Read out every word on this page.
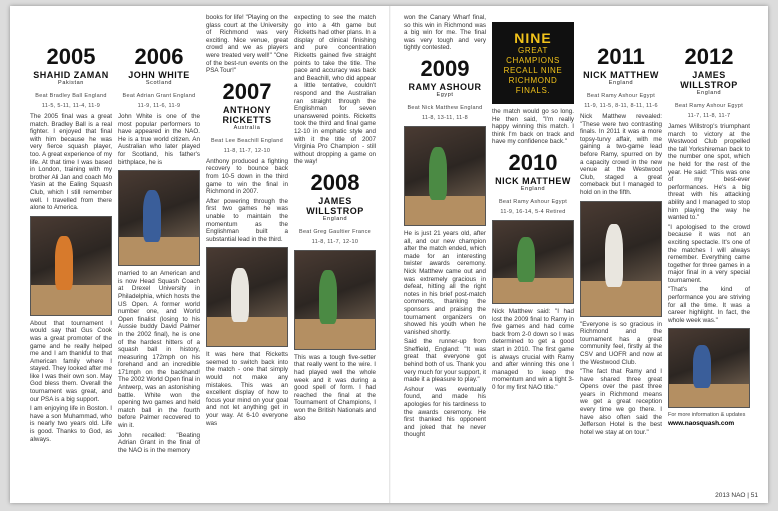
2005
SHAHID ZAMAN
Pakistan
Beat Bradley Ball England
11-5, 5-11, 11-4, 11-9

The 2005 final was a great match. Bradley Ball is a real fighter. I enjoyed that final with him because he was very fierce squash player, too. A great experience of my life. At that time I was based in London, training with my brother Ali Jan and coach Mo Yasin at the Ealing Squash Club, which I still remember well. I travelled from there alone to America.

About that tournament I would say that Gus Cook was a great promoter of the game and he really helped me and I am thankful to that American family where I stayed. They looked after me like I was their own son. May God bless them. Overall the tournament was great, and our PSA is a big support.

I am enjoying life in Boston. I have a son Muhammad, who is nearly two years old. Life is good. Thanks to God, as always.

2006
JOHN WHITE
Scotland
Beat Adrian Grant England
11-9, 11-6, 11-9

John White is one of the most popular performers to have appeared in the NAO. He is a true world citizen. An Australian who later played for Scotland, his father's birthplace, he is

married to an American and is now Head Squash Coach at Drexel University in Philadelphia, which hosts the US Open. A former world number one, and World Open finalist (losing to his Aussie buddy David Palmer in the 2002 final), he is one of the hardest hitters of a squash ball in history, measuring 172mph on his forehand and an incredible 171mph on the backhand! The 2002 World Open final in Antwerp, was an astonishing battle. White won the opening two games and held match ball in the fourth before Palmer recovered to win it.

John recalled: "Beating Adrian Grant in the final of the NAO is in the memory

books for life! "Playing on the glass court at the University of Richmond was very exciting. Nice venue, great crowd and we as players were treated very well!" "One of the best-run events on the PSA Tour!"

2007
ANTHONY RICKETTS
Australia
Beat Lee Beachill England
11-8, 11-7, 12-10

Anthony produced a fighting recovery to bounce back from 10-5 down in the third game to win the final in Richmond in 2007.

After powering through the first two games he was unable to maintain the momentum as the Englishman built a substantial lead in the third.

It was here that Ricketts seemed to switch back into the match - one that simply would not make any mistakes. This was an excellent display of how to focus your mind on your goal and not let anything get in your way. At 6-10 everyone was

expecting to see the match go into a 4th game but Ricketts had other plans. In a display of clinical finishing and pure concentration Ricketts gained five straight points to take the title. The pace and accuracy was back and Beachill, who did appear a little tentative, couldn't respond and the Australian ran straight through the Englishman for seven unanswered points. Ricketts took the third and final game 12-10 in emphatic style and with it the title of 2007 Virginia Pro Champion - still without dropping a game on the way!

2008
JAMES WILLSTROP
England
Beat Greg Gaultier France
11-8, 11-7, 12-10

This was a tough five-setter that really went to the wire. I had played well the whole week and it was during a good spell of form. I had reached the final at the Tournament of Champions, I won the British Nationals and also

won the Canary Wharf final, so this win in Richmond was a big win for me. The final was very tough and very tightly contested.

2009
RAMY ASHOUR
Egypt
Beat Nick Matthew England
11-8, 13-11, 11-8

He is just 21 years old, after all, and our new champion after the match ended, which made for an interesting twister awards ceremony. Nick Matthew came out and was extremely gracious in defeat, hitting all the right notes in his brief post-match comments, thanking the sponsors and praising the tournament organizers on showed his youth when he vanished shortly.

Said the runner-up from Sheffield, England: "It was great that everyone got behind both of us. Thank you very much for your support, it made it a pleasure to play."

Ashour was eventually found, and made his apologies for his tardiness to the awards ceremony. He first thanked his opponent and joked that he never thought

NINE
GREAT CHAMPIONS RECALL NINE RICHMOND FINALS.

the match would go so long. He then said, "I'm really happy winning this match. I think I'm back on track and have my confidence back."

2010
NICK MATTHEW
England
Beat Ramy Ashour Egypt
11-9, 16-14, 5-4 Retired

Nick Matthew said: "I had lost the 2009 final to Ramy in five games and had come back from 2-0 down so I was determined to get a good start in 2010. The first game is always crucial with Ramy and after winning this one I managed to keep the momentum and win a tight 3-0 for my first NAO title."

2011
NICK MATTHEW
England
Beat Ramy Ashour Egypt
11-9, 11-5, 8-11, 8-11, 11-6

Nick Matthew revealed: "These were two contrasting finals. In 2011 it was a more topsy-turvy affair, with me gaining a two-game lead before Ramy, spurred on by a capacity crowd in the new venue at the Westwood Club, staged a great comeback but I managed to hold on in the fifth.

"Everyone is so gracious in Richmond and the tournament has a great community feel, firstly at the CSV and UOFR and now at the Westwood Club.

"The fact that Ramy and I have shared three great Opens over the past three years in Richmond means we get a great reception every time we go there. I have also often said the Jefferson Hotel is the best hotel we stay at on tour."

2012
JAMES WILLSTROP
England
Beat Ramy Ashour Egypt
11-7, 11-8, 11-7

James Willstrop's triumphant march to victory at the Westwood Club propelled the tall Yorkshireman back to the number one spot, which he held for the rest of the year. He said: "This was one of my best-ever performances. He's a big threat with his attacking ability and I managed to stop him playing the way he wanted to."

"I apologised to the crowd because it was not an exciting spectacle. It's one of the matches I will always remember. Everything came together for three games in a major final in a very special tournament.

"That's the kind of performance you are striving for all the time. It was a career highlight. In fact, the whole week was."

For more information & updates
www.naosquash.com
2013 NAO | 51
